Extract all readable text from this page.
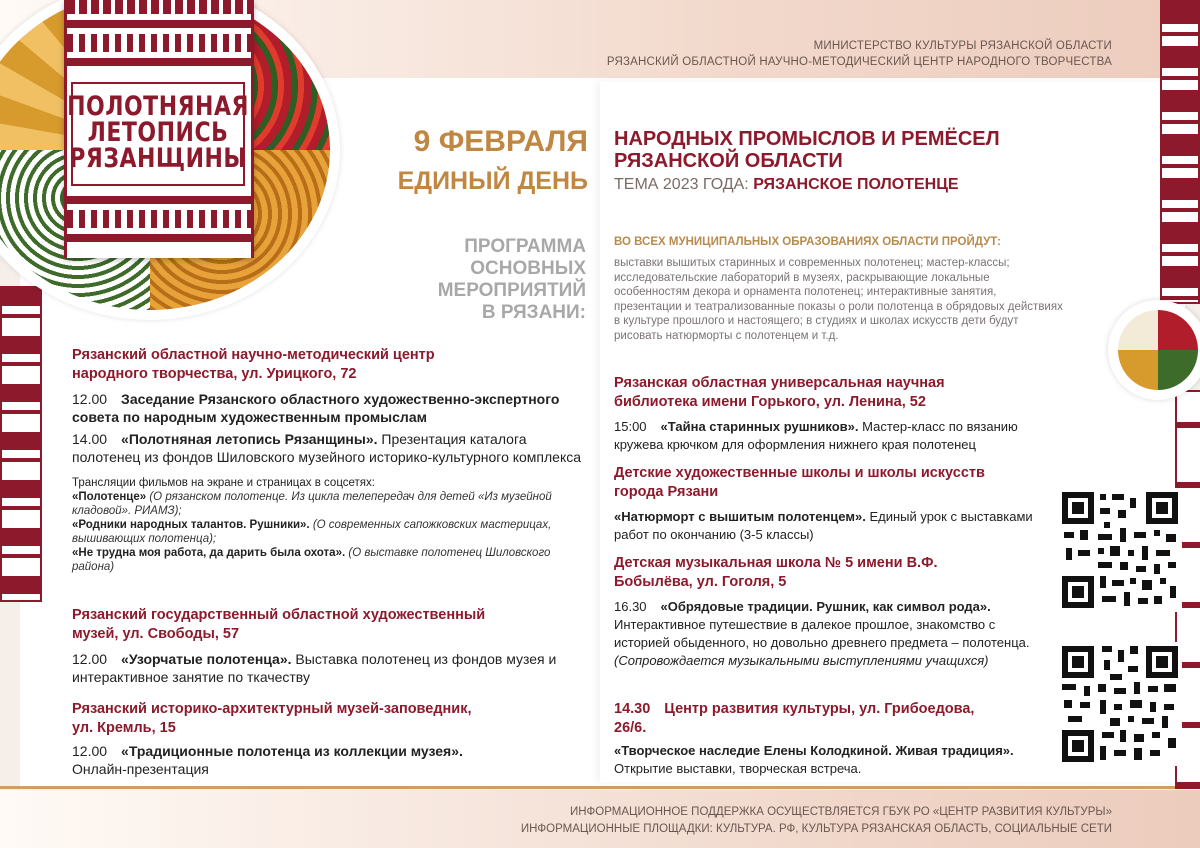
ПОЛОТНЯНАЯ
ЛЕТОПИСЬ
РЯЗАНЩИНЫ
МИНИСТЕРСТВО КУЛЬТУРЫ РЯЗАНСКОЙ ОБЛАСТИ
РЯЗАНСКИЙ ОБЛАСТНОЙ НАУЧНО-МЕТОДИЧЕСКИЙ ЦЕНТР НАРОДНОГО ТВОРЧЕСТВА
9 ФЕВРАЛЯ
ЕДИНЫЙ ДЕНЬ
ПРОГРАММА
ОСНОВНЫХ
МЕРОПРИЯТИЙ
В РЯЗАНИ:
НАРОДНЫХ ПРОМЫСЛОВ И РЕМЁСЕЛ
РЯЗАНСКОЙ ОБЛАСТИ
ТЕМА 2023 ГОДА: РЯЗАНСКОЕ ПОЛОТЕНЦЕ
ВО ВСЕХ МУНИЦИПАЛЬНЫХ ОБРАЗОВАНИЯХ ОБЛАСТИ ПРОЙДУТ:
выставки вышитых старинных и современных полотенец; мастер-классы; исследовательские лабораторий в музеях, раскрывающие локальные особенностям декора и орнамента полотенец; интерактивные занятия, презентации и театрализованные показы о роли полотенца в обрядовых действиях в культуре прошлого и настоящего; в студиях и школах искусств дети будут рисовать натюрморты с полотенцем и т.д.
Рязанский областной научно-методический центр
народного творчества, ул. Урицкого, 72
12.00 Заседание Рязанского областного художественно-экспертного совета по народным художественным промыслам
14.00 «Полотняная летопись Рязанщины». Презентация каталога полотенец из фондов Шиловского музейного историко-культурного комплекса
Трансляции фильмов на экране и страницах в соцсетях:
«Полотенце» (О рязанском полотенце. Из цикла телепередач для детей «Из музейной кладовой». РИАМЗ);
«Родники народных талантов. Рушники». (О современных сапожковских мастерицах, вышивающих полотенца);
«Не трудна моя работа, да дарить была охота». (О выставке полотенец Шиловского района)
Рязанский государственный областной художественный
музей, ул. Свободы, 57
12.00 «Узорчатые полотенца». Выставка полотенец из фондов музея и интерактивное занятие по ткачеству
Рязанский историко-архитектурный музей-заповедник,
ул. Кремль, 15
12.00 «Традиционные полотенца из коллекции музея».
Онлайн-презентация
Рязанская областная универсальная научная
библиотека имени Горького, ул. Ленина, 52
15:00 «Тайна старинных рушников». Мастер-класс по вязанию кружева крючком для оформления нижнего края полотенец
Детские художественные школы и школы искусств
города Рязани
«Натюрморт с вышитым полотенцем». Единый урок с выставками работ по окончанию (3-5 классы)
Детская музыкальная школа № 5 имени В.Ф.
Бобылёва, ул. Гоголя, 5
16.30 «Обрядовые традиции. Рушник, как символ рода». Интерактивное путешествие в далекое прошлое, знакомство с историей обыденного, но довольно древнего предмета – полотенца. (Сопровождается музыкальными выступлениями учащихся)
14.30 Центр развития культуры, ул. Грибоедова,
26/6.
«Творческое наследие Елены Колодкиной. Живая традиция». Открытие выставки, творческая встреча.
ИНФОРМАЦИОННОЕ ПОДДЕРЖКА ОСУЩЕСТВЛЯЕТСЯ ГБУК РО «ЦЕНТР РАЗВИТИЯ КУЛЬТУРЫ»
ИНФОРМАЦИОННЫЕ ПЛОЩАДКИ: КУЛЬТУРА. РФ, КУЛЬТУРА РЯЗАНСКАЯ ОБЛАСТЬ, СОЦИАЛЬНЫЕ СЕТИ
